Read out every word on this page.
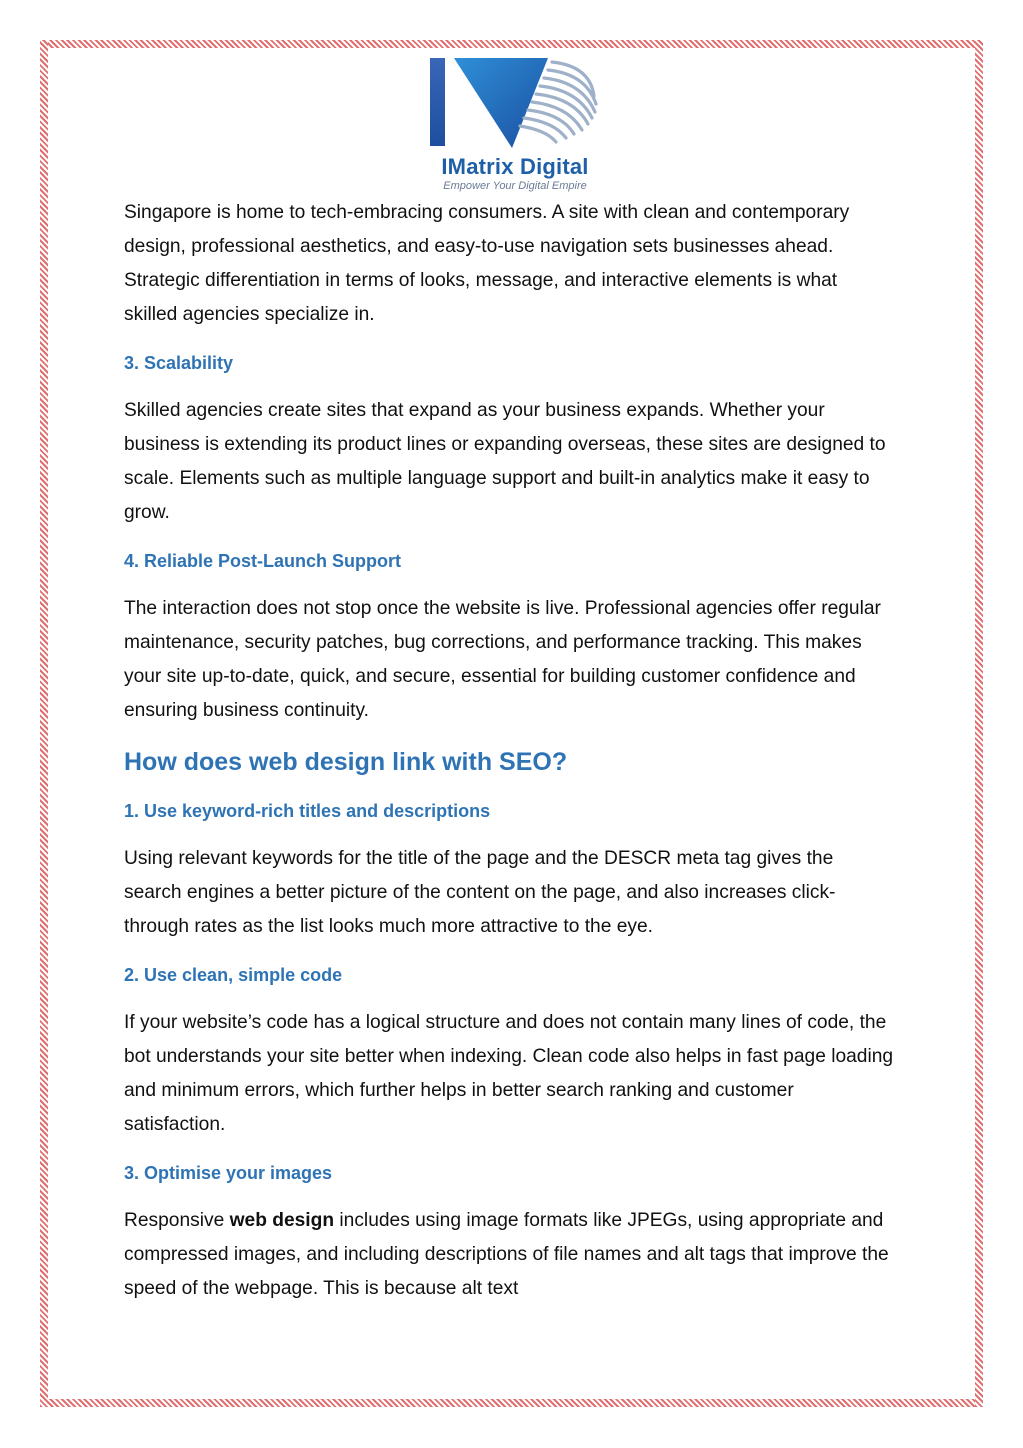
IMatrix Digital
Empower Your Digital Empire

Singapore is home to tech-embracing consumers. A site with clean and contemporary design, professional aesthetics, and easy-to-use navigation sets businesses ahead. Strategic differentiation in terms of looks, message, and interactive elements is what skilled agencies specialize in.

3. Scalability

Skilled agencies create sites that expand as your business expands. Whether your business is extending its product lines or expanding overseas, these sites are designed to scale. Elements such as multiple language support and built-in analytics make it easy to grow.

4. Reliable Post-Launch Support

The interaction does not stop once the website is live. Professional agencies offer regular maintenance, security patches, bug corrections, and performance tracking. This makes your site up-to-date, quick, and secure, essential for building customer confidence and ensuring business continuity.

How does web design link with SEO?
1. Use keyword-rich titles and descriptions

Using relevant keywords for the title of the page and the DESCR meta tag gives the search engines a better picture of the content on the page, and also increases click-through rates as the list looks much more attractive to the eye.

2. Use clean, simple code

If your website’s code has a logical structure and does not contain many lines of code, the bot understands your site better when indexing. Clean code also helps in fast page loading and minimum errors, which further helps in better search ranking and customer satisfaction.

3. Optimise your images

Responsive web design includes using image formats like JPEGs, using appropriate and compressed images, and including descriptions of file names and alt tags that improve the speed of the webpage. This is because alt text
